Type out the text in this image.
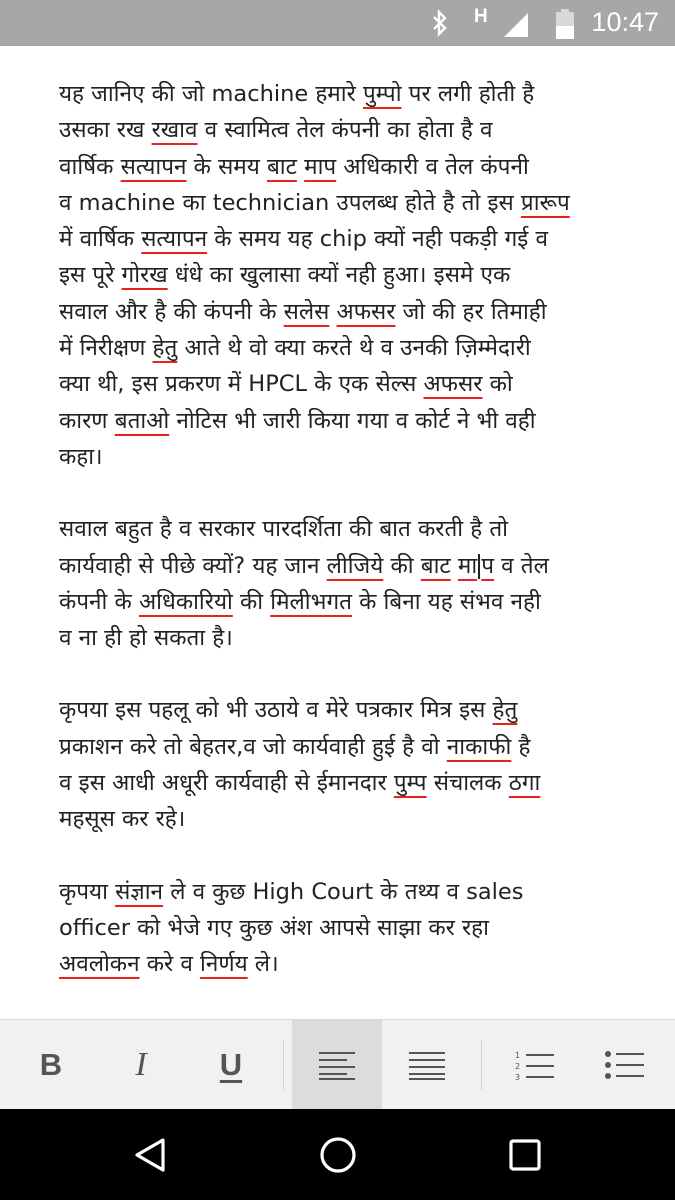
H	10:47
यह जानिए की जो machine हमारे पुम्पो पर लगी होती है
उसका रख रखाव व स्वामित्व तेल कंपनी का होता है व
वार्षिक सत्यापन के समय बाट माप अधिकारी व तेल कंपनी
व machine का technician उपलब्ध होते है तो इस प्रारूप
में वार्षिक सत्यापन के समय यह chip क्यों नही पकड़ी गई व
इस पूरे गोरख धंधे का खुलासा क्यों नही हुआ। इसमे एक
सवाल और है की कंपनी के सलेस अफसर जो की हर तिमाही
में निरीक्षण हेतु आते थे वो क्या करते थे व उनकी ज़िम्मेदारी
क्या थी, इस प्रकरण में HPCL के एक सेल्स अफसर को
कारण बताओ नोटिस भी जारी किया गया व कोर्ट ने भी वही
कहा।
सवाल बहुत है व सरकार पारदर्शिता की बात करती है तो
कार्यवाही से पीछे क्यों? यह जान लीजिये की बाट मा प व तेल
कंपनी के अधिकारियो की मिलीभगत के बिना यह संभव नही
व ना ही हो सकता है।
कृपया इस पहलू को भी उठाये व मेरे पत्रकार मित्र इस हेतु
प्रकाशन करे तो बेहतर,व जो कार्यवाही हुई है वो नाकाफी है
व इस आधी अधूरी कार्यवाही से ईमानदार पुम्प संचालक ठगा
महसूस कर रहे।
कृपया संज्ञान ले व कुछ High Court के तथ्य व sales
officer को भेजे गए कुछ अंश आपसे साझा कर रहा
अवलोकन करे व निर्णय ले।
B	I	U	1
2
3
